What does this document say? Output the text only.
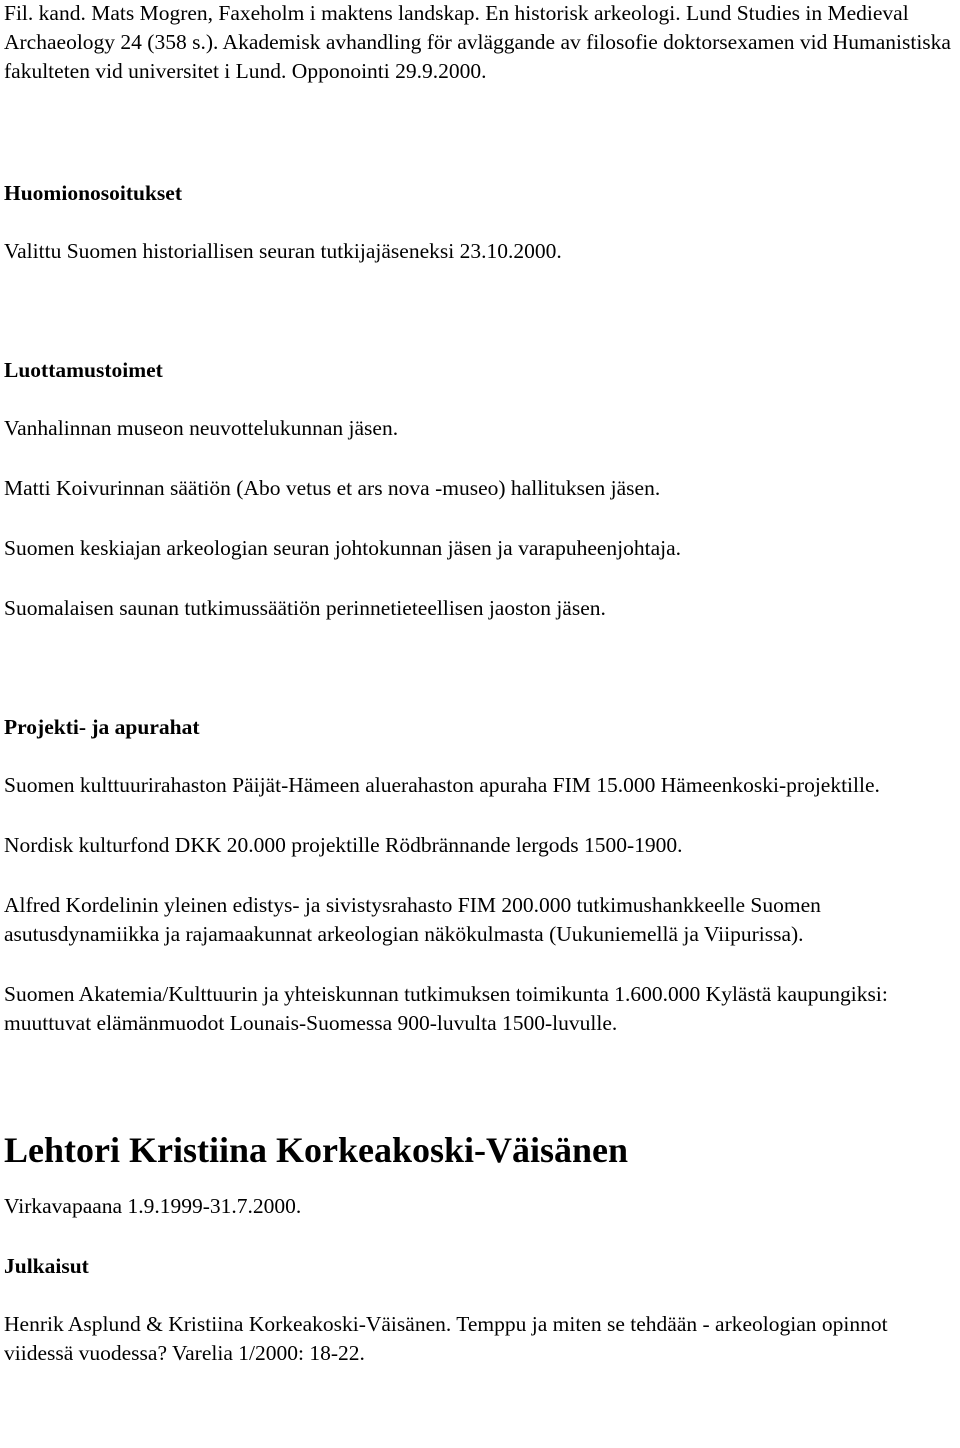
Fil. kand. Mats Mogren, Faxeholm i maktens landskap. En historisk arkeologi. Lund Studies in Medieval Archaeology 24 (358 s.). Akademisk avhandling för avläggande av filosofie doktorsexamen vid Humanistiska fakulteten vid universitet i Lund. Opponointi 29.9.2000.

Huomionosoitukset

Valittu Suomen historiallisen seuran tutkijajäseneksi 23.10.2000.

Luottamustoimet

Vanhalinnan museon neuvottelukunnan jäsen.

Matti Koivurinnan säätiön (Abo vetus et ars nova -museo) hallituksen jäsen.

Suomen keskiajan arkeologian seuran johtokunnan jäsen ja varapuheenjohtaja.

Suomalaisen saunan tutkimussäätiön perinnetieteellisen jaoston jäsen.

Projekti- ja apurahat

Suomen kulttuurirahaston Päijät-Hämeen aluerahaston apuraha FIM 15.000 Hämeenkoski-projektille.

Nordisk kulturfond DKK 20.000 projektille Rödbrännande lergods 1500-1900.

Alfred Kordelinin yleinen edistys- ja sivistysrahasto FIM 200.000 tutkimushankkeelle Suomen asutusdynamiikka ja rajamaakunnat arkeologian näkökulmasta (Uukuniemellä ja Viipurissa).

Suomen Akatemia/Kulttuurin ja yhteiskunnan tutkimuksen toimikunta 1.600.000 Kylästä kaupungiksi: muuttuvat elämänmuodot Lounais-Suomessa 900-luvulta 1500-luvulle.

Lehtori Kristiina Korkeakoski-Väisänen

Virkavapaana 1.9.1999-31.7.2000.

Julkaisut

Henrik Asplund & Kristiina Korkeakoski-Väisänen. Temppu ja miten se tehdään - arkeologian opinnot viidessä vuodessa? Varelia 1/2000: 18-22.
